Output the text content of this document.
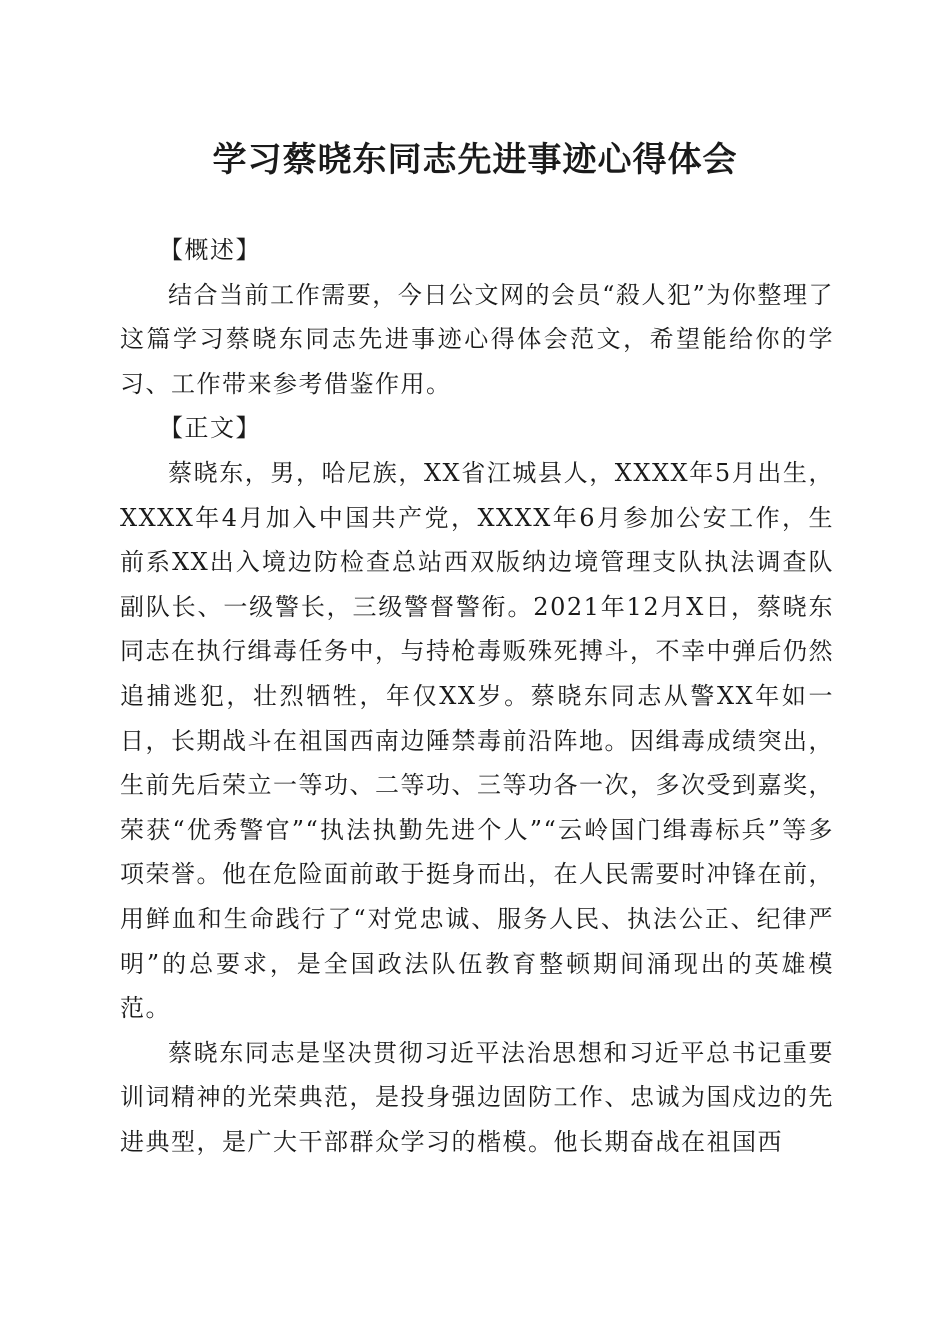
学习蔡晓东同志先进事迹心得体会

【概述】

结合当前工作需要，今日公文网的会员“殺人犯”为你整理了这篇学习蔡晓东同志先进事迹心得体会范文，希望能给你的学习、工作带来参考借鉴作用。

【正文】

蔡晓东，男，哈尼族，XX省江城县人，XXXX年5月出生，XXXX年4月加入中国共产党，XXXX年6月参加公安工作，生前系XX出入境边防检查总站西双版纳边境管理支队执法调查队副队长、一级警长，三级警督警衔。2021年12月X日，蔡晓东同志在执行缉毒任务中，与持枪毒贩殊死搏斗，不幸中弹后仍然追捕逃犯，壮烈牺牲，年仅XX岁。蔡晓东同志从警XX年如一日，长期战斗在祖国西南边陲禁毒前沿阵地。因缉毒成绩突出，生前先后荣立一等功、二等功、三等功各一次，多次受到嘉奖，荣获“优秀警官”“执法执勤先进个人”“云岭国门缉毒标兵”等多项荣誉。他在危险面前敢于挺身而出，在人民需要时冲锋在前，用鲜血和生命践行了“对党忠诚、服务人民、执法公正、纪律严明”的总要求，是全国政法队伍教育整顿期间涌现出的英雄模范。

蔡晓东同志是坚决贯彻习近平法治思想和习近平总书记重要训词精神的光荣典范，是投身强边固防工作、忠诚为国戍边的先进典型，是广大干部群众学习的楷模。他长期奋战在祖国西
